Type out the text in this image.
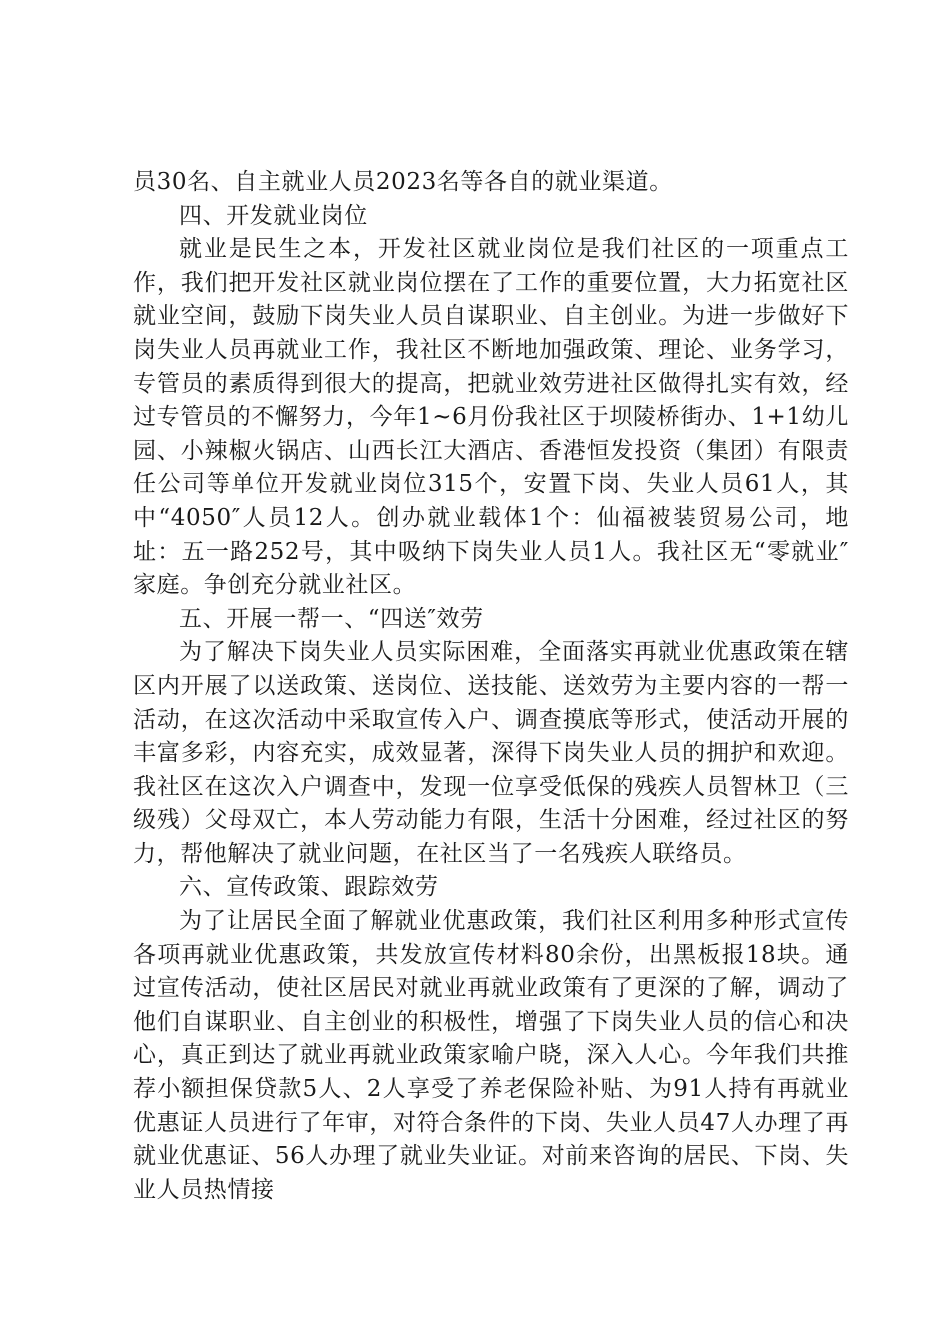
员30名、自主就业人员2023名等各自的就业渠道。

四、开发就业岗位

就业是民生之本，开发社区就业岗位是我们社区的一项重点工作，我们把开发社区就业岗位摆在了工作的重要位置，大力拓宽社区就业空间，鼓励下岗失业人员自谋职业、自主创业。为进一步做好下岗失业人员再就业工作，我社区不断地加强政策、理论、业务学习，专管员的素质得到很大的提高，把就业效劳进社区做得扎实有效，经过专管员的不懈努力，今年1~6月份我社区于坝陵桥街办、1+1幼儿园、小辣椒火锅店、山西长江大酒店、香港恒发投资（集团）有限责任公司等单位开发就业岗位315个，安置下岗、失业人员61人，其中“4050″人员12人。创办就业载体1个：仙福被装贸易公司，地址：五一路252号，其中吸纳下岗失业人员1人。我社区无“零就业″家庭。争创充分就业社区。

五、开展一帮一、“四送″效劳

为了解决下岗失业人员实际困难，全面落实再就业优惠政策在辖区内开展了以送政策、送岗位、送技能、送效劳为主要内容的一帮一活动，在这次活动中采取宣传入户、调查摸底等形式，使活动开展的丰富多彩，内容充实，成效显著，深得下岗失业人员的拥护和欢迎。我社区在这次入户调查中，发现一位享受低保的残疾人员智林卫（三级残）父母双亡，本人劳动能力有限，生活十分困难，经过社区的努力，帮他解决了就业问题，在社区当了一名残疾人联络员。

六、宣传政策、跟踪效劳

为了让居民全面了解就业优惠政策，我们社区利用多种形式宣传各项再就业优惠政策，共发放宣传材料80余份，出黑板报18块。通过宣传活动，使社区居民对就业再就业政策有了更深的了解，调动了他们自谋职业、自主创业的积极性，增强了下岗失业人员的信心和决心，真正到达了就业再就业政策家喻户晓，深入人心。今年我们共推荐小额担保贷款5人、2人享受了养老保险补贴、为91人持有再就业优惠证人员进行了年审，对符合条件的下岗、失业人员47人办理了再就业优惠证、56人办理了就业失业证。对前来咨询的居民、下岗、失业人员热情接
